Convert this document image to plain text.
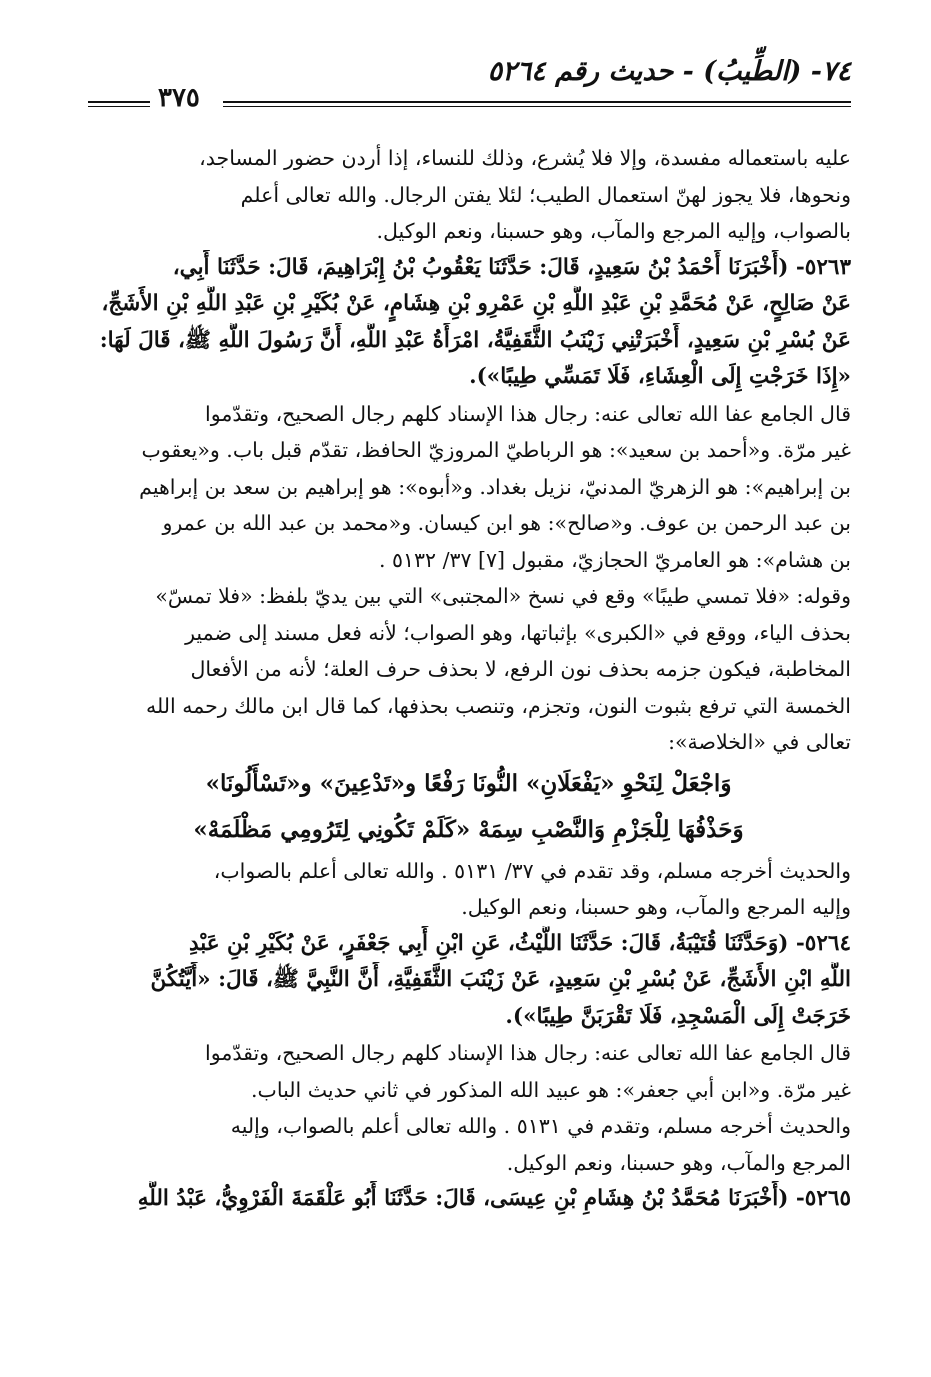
٧٤- (الطِّيبُ) - حديث رقم ٥٢٦٤
٣٧٥
عليه باستعماله مفسدة، وإلا فلا يُشرع، وذلك للنساء، إذا أردن حضور المساجد،
ونحوها، فلا يجوز لهنّ استعمال الطيب؛ لئلا يفتن الرجال. والله تعالى أعلم
بالصواب، وإليه المرجع والمآب، وهو حسبنا، ونعم الوكيل.
٥٢٦٣- (أَخْبَرَنَا أَحْمَدُ بْنُ سَعِيدٍ، قَالَ: حَدَّثَنَا يَعْقُوبُ بْنُ إِبْرَاهِيمَ، قَالَ: حَدَّثَنَا أَبِي،
عَنْ صَالِحٍ، عَنْ مُحَمَّدِ بْنِ عَبْدِ اللَّهِ بْنِ عَمْرِو بْنِ هِشَامٍ، عَنْ بُكَيْرِ بْنِ عَبْدِ اللَّهِ بْنِ الأَشَجِّ،
عَنْ بُسْرِ بْنِ سَعِيدٍ، أَخْبَرَتْنِي زَيْنَبُ الثَّقَفِيَّةُ، امْرَأَةُ عَبْدِ اللَّهِ، أَنَّ رَسُولَ اللَّهِ ﷺ، قَالَ لَهَا:
«إِذَا خَرَجْتِ إِلَى الْعِشَاءِ، فَلَا تَمَسِّي طِيبًا»).
قال الجامع عفا الله تعالى عنه: رجال هذا الإسناد كلهم رجال الصحيح، وتقدّموا
غير مرّة. و«أحمد بن سعيد»: هو الرباطيّ المروزيّ الحافظ، تقدّم قبل باب. و«يعقوب
بن إبراهيم»: هو الزهريّ المدنيّ، نزيل بغداد. و«أبوه»: هو إبراهيم بن سعد بن إبراهيم
بن عبد الرحمن بن عوف. و«صالح»: هو ابن كيسان. و«محمد بن عبد الله بن عمرو
بن هشام»: هو العامريّ الحجازيّ، مقبول [٧] ٣٧/ ٥١٣٢ .
وقوله: «فلا تمسي طيبًا» وقع في نسخ «المجتبى» التي بين يديّ بلفظ: «فلا تمسّ»
بحذف الياء، ووقع في «الكبرى» بإثباتها، وهو الصواب؛ لأنه فعل مسند إلى ضمير
المخاطبة، فيكون جزمه بحذف نون الرفع، لا بحذف حرف العلة؛ لأنه من الأفعال
الخمسة التي ترفع بثبوت النون، وتجزم، وتنصب بحذفها، كما قال ابن مالك رحمه الله
تعالى في «الخلاصة»:
وَاجْعَلْ لِنَحْوِ «يَفْعَلَانِ» النُّونَا رَفْعًا و«تَدْعِينَ» و«تَسْأَلُونَا»
وَحَذْفُهَا لِلْجَزْمِ وَالنَّصْبِ سِمَهْ «كَلَمْ تَكُونِي لِتَرُومِي مَظْلَمَهْ»
والحديث أخرجه مسلم، وقد تقدم في ٣٧/ ٥١٣١ . والله تعالى أعلم بالصواب،
وإليه المرجع والمآب، وهو حسبنا، ونعم الوكيل.
٥٢٦٤- (وَحَدَّثَنَا قُتَيْبَةُ، قَالَ: حَدَّثَنَا اللَّيْثُ، عَنِ ابْنِ أَبِي جَعْفَرٍ، عَنْ بُكَيْرِ بْنِ عَبْدِ
اللَّهِ ابْنِ الأَشَجِّ، عَنْ بُسْرِ بْنِ سَعِيدٍ، عَنْ زَيْنَبَ الثَّقَفِيَّةِ، أَنَّ النَّبِيَّ ﷺ، قَالَ: «أَيَّتُكُنَّ
خَرَجَتْ إِلَى الْمَسْجِدِ، فَلَا تَقْرَبَنَّ طِيبًا»).
قال الجامع عفا الله تعالى عنه: رجال هذا الإسناد كلهم رجال الصحيح، وتقدّموا
غير مرّة. و«ابن أبي جعفر»: هو عبيد الله المذكور في ثاني حديث الباب.
والحديث أخرجه مسلم، وتقدم في ٥١٣١ . والله تعالى أعلم بالصواب، وإليه
المرجع والمآب، وهو حسبنا، ونعم الوكيل.
٥٢٦٥- (أَخْبَرَنَا مُحَمَّدُ بْنُ هِشَامِ بْنِ عِيسَى، قَالَ: حَدَّثَنَا أَبُو عَلْقَمَةَ الْفَرْوِيُّ، عَبْدُ اللَّهِ
